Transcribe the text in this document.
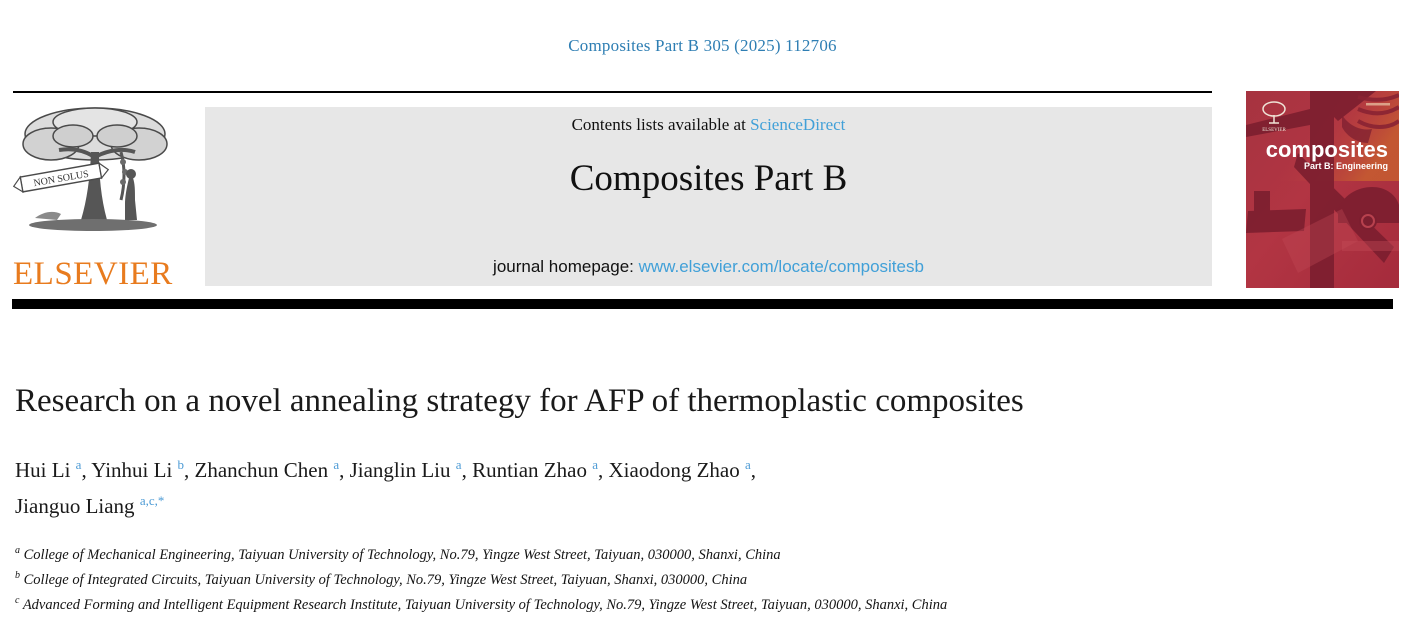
Composites Part B 305 (2025) 112706
NON SOLUS
ELSEVIER
Contents lists available at ScienceDirect
Composites Part B
journal homepage: www.elsevier.com/locate/compositesb
ELSEVIER
composites
Part B: Engineering
Research on a novel annealing strategy for AFP of thermoplastic composites
Hui Li $^a$, Yinhui Li $^b$, Zhanchun Chen $^a$, Jianglin Liu $^a$, Runtian Zhao $^a$, Xiaodong Zhao $^a$,
Jianguo Liang $^{a,c,*}$
$^a$ College of Mechanical Engineering, Taiyuan University of Technology, No.79, Yingze West Street, Taiyuan, 030000, Shanxi, China
$^b$ College of Integrated Circuits, Taiyuan University of Technology, No.79, Yingze West Street, Taiyuan, Shanxi, 030000, China
$^c$ Advanced Forming and Intelligent Equipment Research Institute, Taiyuan University of Technology, No.79, Yingze West Street, Taiyuan, 030000, Shanxi, China
